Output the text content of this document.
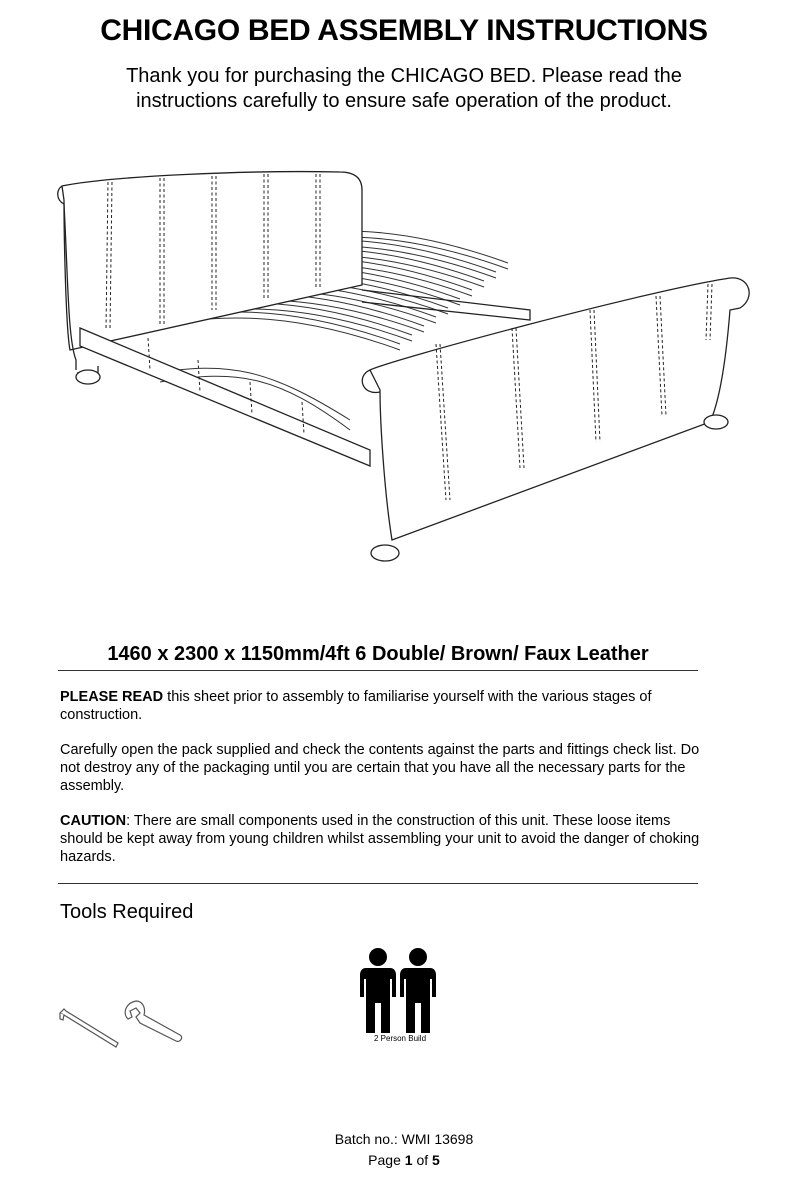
CHICAGO BED ASSEMBLY INSTRUCTIONS
Thank you for purchasing the CHICAGO BED. Please read the
instructions carefully to ensure safe operation of the product.
1460 x 2300 x 1150mm/4ft 6 Double/ Brown/ Faux Leather
PLEASE READ this sheet prior to assembly to familiarise yourself with the various stages of construction.
Carefully open the pack supplied and check the contents against the parts and fittings check list. Do not destroy any of the packaging until you are certain that you have all the necessary parts for the assembly.
CAUTION: There are small components used in the construction of this unit. These loose items should be kept away from young children whilst assembling your unit to avoid the danger of choking hazards.
Tools Required
2 Person Build
Batch no.: WMI 13698
Page 1 of 5
